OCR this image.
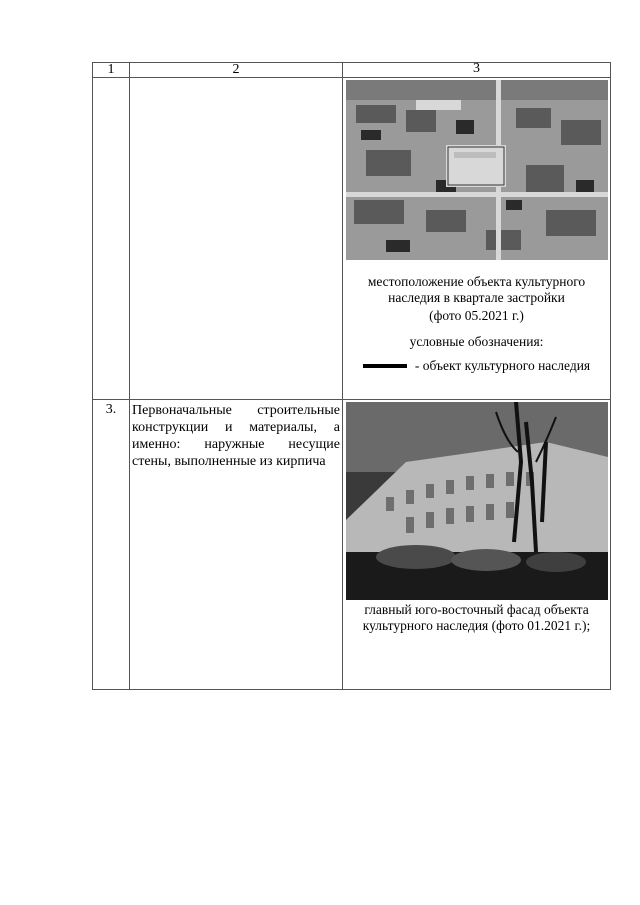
1	2	3

		местоположение объекта культурного наследия в квартале застройки
(фото 05.2021 г.)
условные обозначения:
- объект культурного наследия

3.	Первоначальные строительные конструкции и материалы, а именно: наружные несущие стены, выполненные из кирпича	главный юго-восточный фасад объекта культурного наследия (фото 01.2021 г.);
